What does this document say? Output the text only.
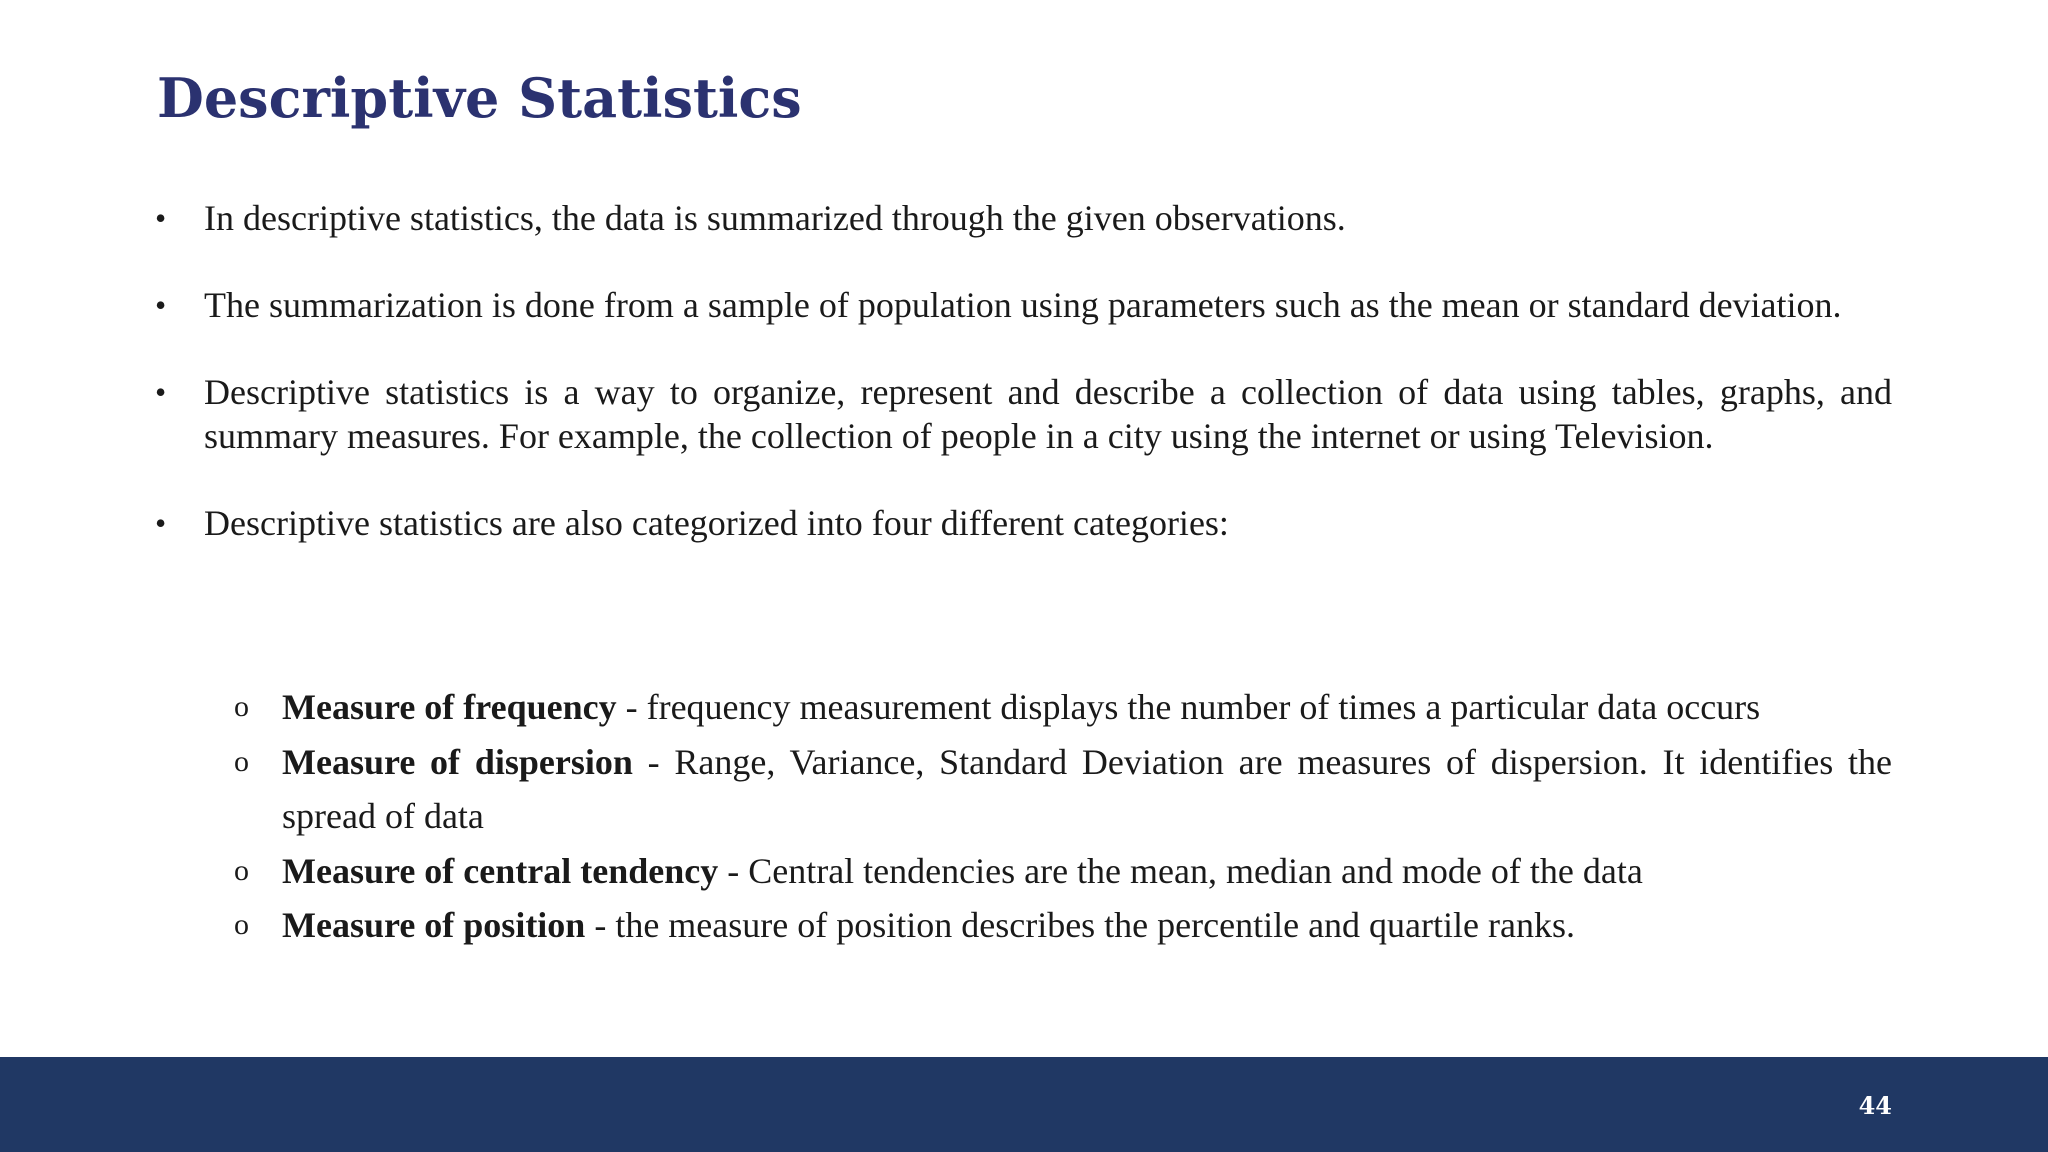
Descriptive Statistics
• In descriptive statistics, the data is summarized through the given observations.
• The summarization is done from a sample of population using parameters such as the mean or standard deviation.
• Descriptive statistics is a way to organize, represent and describe a collection of data using tables, graphs, and summary measures. For example, the collection of people in a city using the internet or using Television.
• Descriptive statistics are also categorized into four different categories:
o Measure of frequency - frequency measurement displays the number of times a particular data occurs
o Measure of dispersion - Range, Variance, Standard Deviation are measures of dispersion. It identifies the spread of data
o Measure of central tendency - Central tendencies are the mean, median and mode of the data
o Measure of position - the measure of position describes the percentile and quartile ranks.
44
